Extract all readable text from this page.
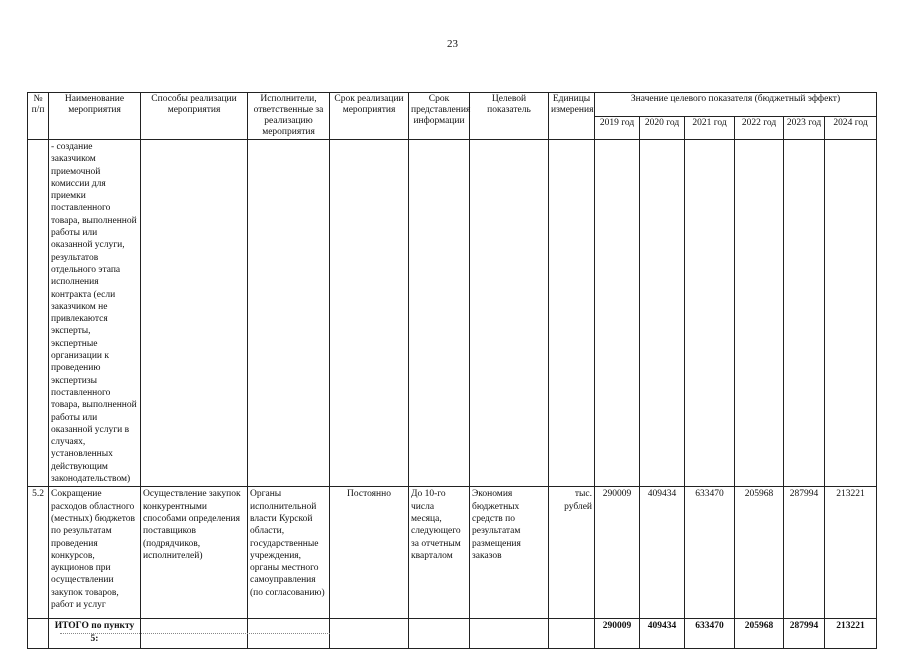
23
№ п/п	Наименование мероприятия	Способы реализации мероприятия	Исполнители, ответственные за реализацию мероприятия	Срок реализации мероприятия	Срок представления информации	Целевой показатель	Единицы измерения	Значение целевого показателя (бюджетный эффект)					
								2019 год	2020 год	2021 год	2022 год	2023 год	2024 год
	- создание заказчиком приемочной комиссии для приемки поставленного товара, выполненной работы или оказанной услуги, результатов отдельного этапа исполнения контракта (если заказчиком не привлекаются эксперты, экспертные организации к проведению экспертизы поставленного товара, выполненной работы или оказанной услуги в случаях, установленных действующим законодательством)												
5.2	Сокращение расходов областного (местных) бюджетов по результатам проведения конкурсов, аукционов при осуществлении закупок товаров, работ и услуг	Осуществление закупок конкурентными способами определения поставщиков (подрядчиков, исполнителей)	Органы исполнительной власти Курской области, государственные учреждения, органы местного самоуправления (по согласованию)	Постоянно	До 10-го числа месяца, следующего за отчетным кварталом	Экономия бюджетных средств по результатам размещения заказов	тыс. рублей	290009	409434	633470	205968	287994	213221
	ИТОГО по пункту 5:							290009	409434	633470	205968	287994	213221
